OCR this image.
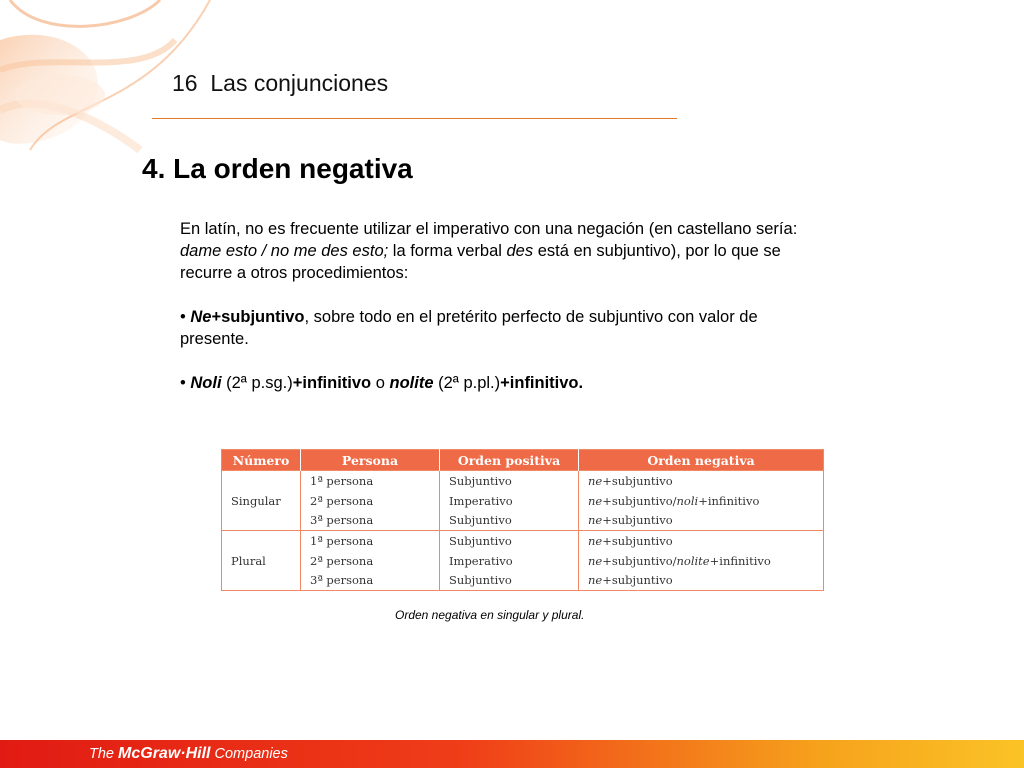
16 Las conjunciones
4. La orden negativa

En latín, no es frecuente utilizar el imperativo con una negación (en castellano sería: dame esto / no me des esto; la forma verbal des está en subjuntivo), por lo que se recurre a otros procedimientos:

• Ne+subjuntivo, sobre todo en el pretérito perfecto de subjuntivo con valor de presente.

• Noli (2ª p.sg.)+infinitivo o nolite (2ª p.pl.)+infinitivo.

Número	Persona	Orden positiva	Orden negativa
Singular	1ª persona	Subjuntivo	ne+subjuntivo
	2ª persona	Imperativo	ne+subjuntivo/noli+infinitivo
	3ª persona	Subjuntivo	ne+subjuntivo
Plural	1ª persona	Subjuntivo	ne+subjuntivo
	2ª persona	Imperativo	ne+subjuntivo/nolite+infinitivo
	3ª persona	Subjuntivo	ne+subjuntivo
Orden negativa en singular y plural.
The McGraw·Hill Companies
